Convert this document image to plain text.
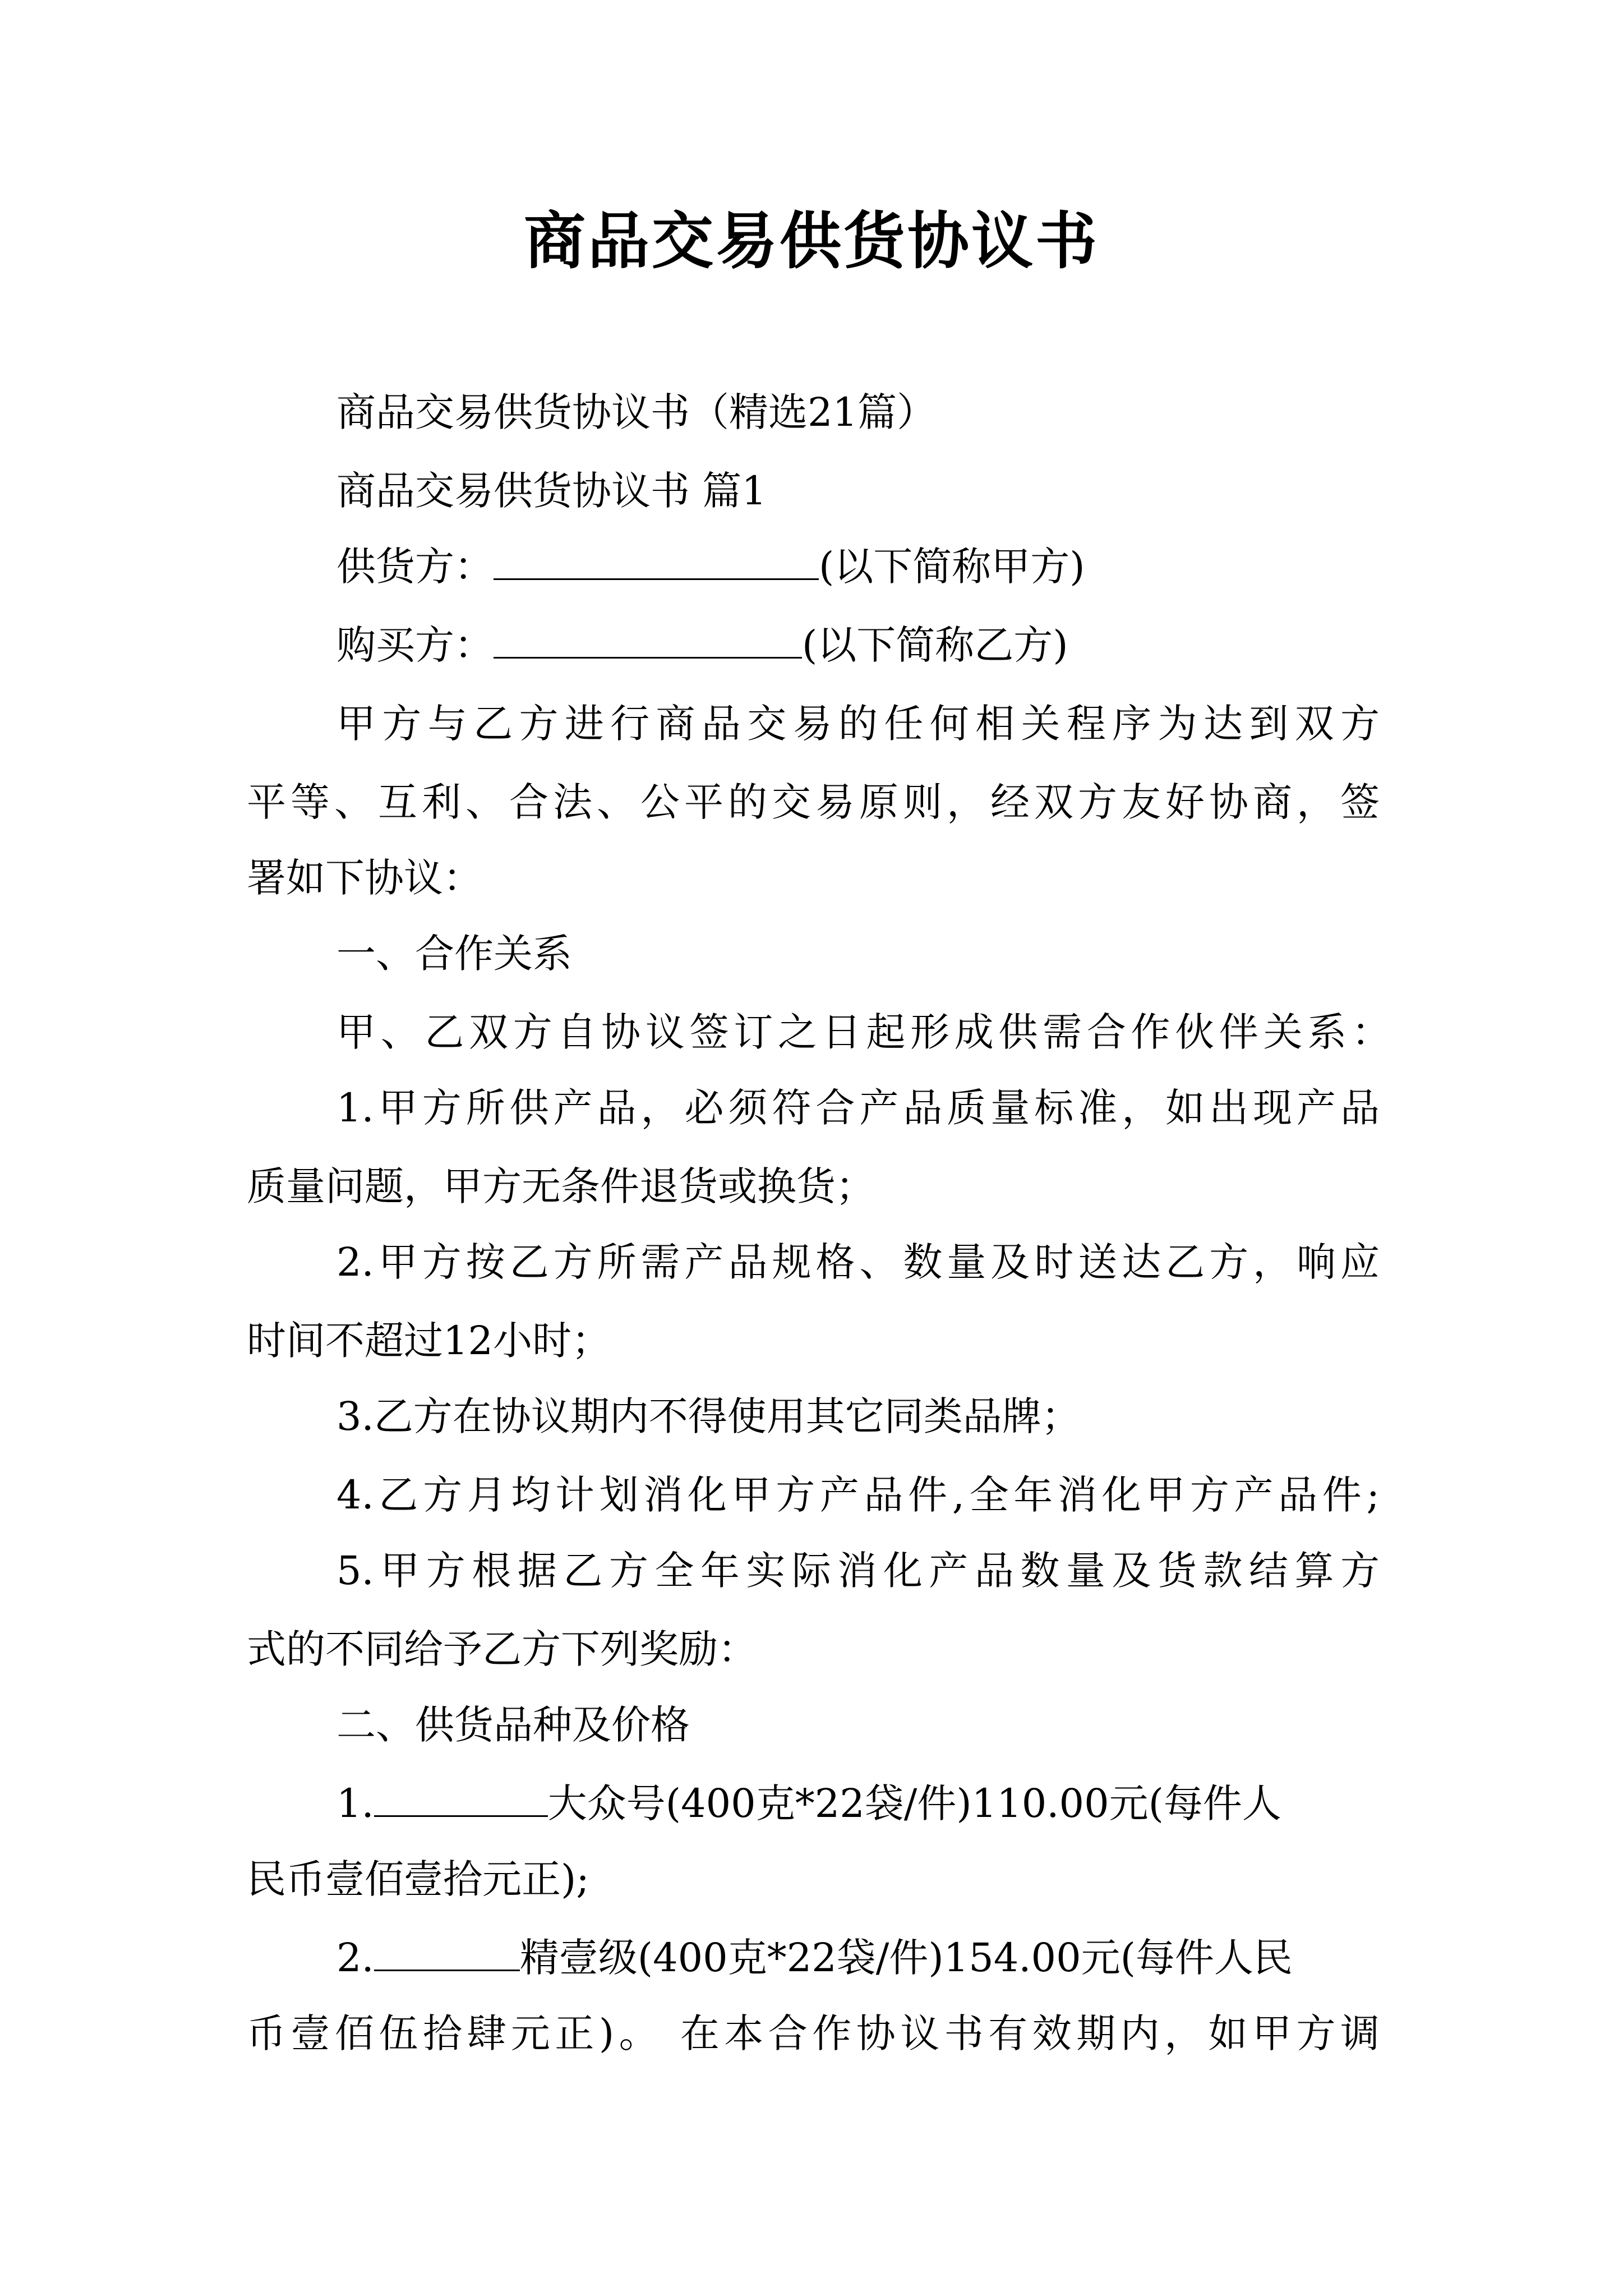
商品交易供货协议书
商品交易供货协议书（精选21篇）
商品交易供货协议书 篇1
供货方：	(以下简称甲方)
购买方：	(以下简称乙方)
甲方与乙方进行商品交易的任何相关程序为达到双方
平等、互利、合法、公平的交易原则，经双方友好协商，签
署如下协议：
一、合作关系
甲、乙双方自协议签订之日起形成供需合作伙伴关系：
1.甲方所供产品，必须符合产品质量标准，如出现产品
质量问题，甲方无条件退货或换货；
2.甲方按乙方所需产品规格、数量及时送达乙方，响应
时间不超过12小时；
3.乙方在协议期内不得使用其它同类品牌；
4.乙方月均计划消化甲方产品件,全年消化甲方产品件;
5.甲方根据乙方全年实际消化产品数量及货款结算方
式的不同给予乙方下列奖励：
二、供货品种及价格
1.	大众号(400克*22袋/件)110.00元(每件人
民币壹佰壹拾元正);
2.	精壹级(400克*22袋/件)154.00元(每件人民
币壹佰伍拾肆元正)。 在本合作协议书有效期内，如甲方调
